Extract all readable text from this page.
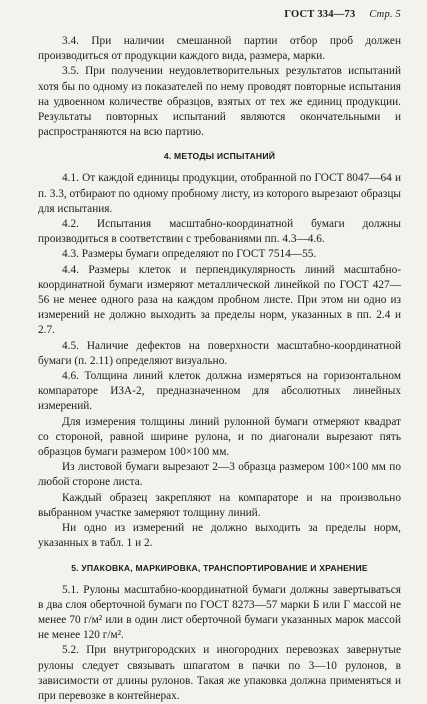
ГОСТ 334—73 Стр. 5

3.4. При наличии смешанной партии отбор проб должен производиться от продукции каждого вида, размера, марки.

3.5. При получении неудовлетворительных результатов испытаний хотя бы по одному из показателей по нему проводят повторные испытания на удвоенном количестве образцов, взятых от тех же единиц продукции. Результаты повторных испытаний являются окончательными и распространяются на всю партию.

4. МЕТОДЫ ИСПЫТАНИЙ

4.1. От каждой единицы продукции, отобранной по ГОСТ 8047—64 и п. 3.3, отбирают по одному пробному листу, из которого вырезают образцы для испытания.

4.2. Испытания масштабно-координатной бумаги должны производиться в соответствии с требованиями пп. 4.3—4.6.

4.3. Размеры бумаги определяют по ГОСТ 7514—55.

4.4. Размеры клеток и перпендикулярность линий масштабно-координатной бумаги измеряют металлической линейкой по ГОСТ 427—56 не менее одного раза на каждом пробном листе. При этом ни одно из измерений не должно выходить за пределы норм, указанных в пп. 2.4 и 2.7.

4.5. Наличие дефектов на поверхности масштабно-координатной бумаги (п. 2.11) определяют визуально.

4.6. Толщина линий клеток должна измеряться на горизонтальном компараторе ИЗА-2, предназначенном для абсолютных линейных измерений.

Для измерения толщины линий рулонной бумаги отмеряют квадрат со стороной, равной ширине рулона, и по диагонали вырезают пять образцов бумаги размером 100×100 мм.

Из листовой бумаги вырезают 2—3 образца размером 100×100 мм по любой стороне листа.

Каждый образец закрепляют на компараторе и на произвольно выбранном участке замеряют толщину линий.

Ни одно из измерений не должно выходить за пределы норм, указанных в табл. 1 и 2.

5. УПАКОВКА, МАРКИРОВКА, ТРАНСПОРТИРОВАНИЕ И ХРАНЕНИЕ

5.1. Рулоны масштабно-координатной бумаги должны завертываться в два слоя оберточной бумаги по ГОСТ 8273—57 марки Б или Г массой не менее 70 г/м² или в один лист оберточной бумаги указанных марок массой не менее 120 г/м².

5.2. При внутригородских и иногородних перевозках завернутые рулоны следует связывать шпагатом в пачки по 3—10 рулонов, в зависимости от длины рулонов. Такая же упаковка должна применяться и при перевозке в контейнерах.
